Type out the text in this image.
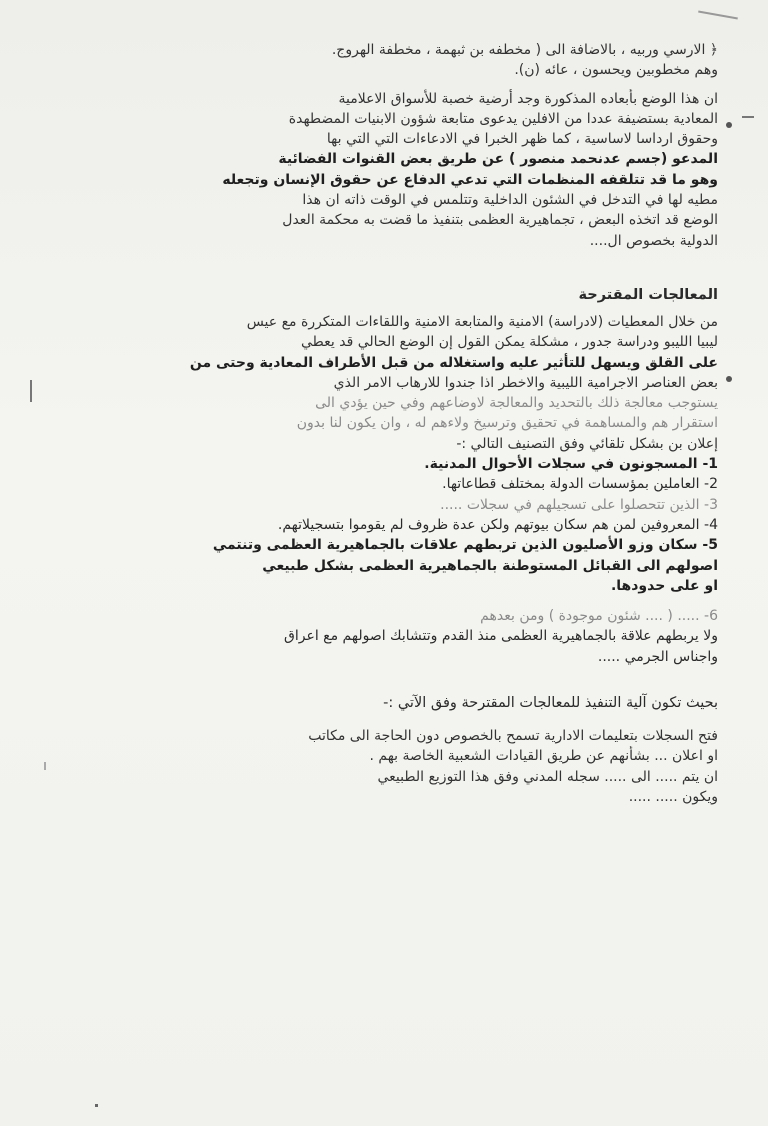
﴿ الارسي وربيه ، بالاضافة الى ( مخطفه بن ثبهمة ، مخطفة الهروج.
وهم مخطوبين ويحسون ، عائه (ن).
ان هذا الوضع بأبعاده المذكورة وجد أرضية خصبة للأسواق الاعلامية
المعادية بستضيفة عددا من الافلين يدعوى متابعة شؤون الابنيات المضطهدة
وحقوق ارداسا لاساسية ، كما ظهر الخبرا في الادعاءات التي التي بها
المدعو (جسم عدنحمد منصور ) عن طريق بعض القنوات الفضائية
وهو ما قد تتلقفه المنظمات التي تدعي الدفاع عن حقوق الإنسان وتجعله
مطيه لها في التدخل في الشئون الداخلية وتتلمس في الوقت ذاته ان هذا
الوضع قد اتخذه البعض ، تجماهيرية العظمى بتنفيذ ما قضت به محكمة العدل
الدولية بخصوص ال....
المعالجات المقترحة
من خلال المعطيات (لادراسة) الامنية والمتابعة الامنية واللقاءات المتكررة مع عيس
ليبيا الليبو ودراسة جدور ، مشكلة يمكن القول إن الوضع الحالي قد يعطي
على القلق ويسهل للتأثير عليه واستغلاله من قبل الأطراف المعادية وحتى من
بعض العناصر الاجرامية الليبية والاخطر اذا جندوا للارهاب الامر الذي
يستوجب معالجة ذلك بالتحديد والمعالجة لاوضاعهم وفي حين يؤدي الى
استقرار هم والمساهمة في تحقيق وترسيخ ولاءهم له ، وان يكون لنا بدون
إعلان بن بشكل تلقائي وفق التصنيف التالي :-
1- المسجونون في سجلات الأحوال المدنية.
2- العاملين بمؤسسات الدولة بمختلف قطاعاتها.
3- الذين تتحصلوا على تسجيلهم في سجلات .....
4- المعروفين لمن هم سكان بيوتهم ولكن عدة ظروف لم يقوموا بتسجيلاتهم.
5- سكان وزو الأصليون الذين تربطهم علاقات بالجماهيرية العظمى وتنتمي
اصولهم الى القبائل المستوطنة بالجماهيرية العظمى بشكل طبيعي
او على حدودها.
6- ..... ( .... شئون موجودة ) ومن بعدهم
ولا يربطهم علاقة بالجماهيرية العظمى منذ القدم وتتشابك اصولهم مع اعراق
واجناس الجرمي .....
بحيث تكون آلية التنفيذ للمعالجات المقترحة وفق الآتي :-
فتح السجلات بتعليمات الادارية تسمح بالخصوص دون الحاجة الى مكاتب
او اعلان ... بشأنهم عن طريق القيادات الشعبية الخاصة بهم .
ان يتم ..... الى ..... سجله المدني وفق هذا التوزيع الطبيعي
ويكون ..... .....
